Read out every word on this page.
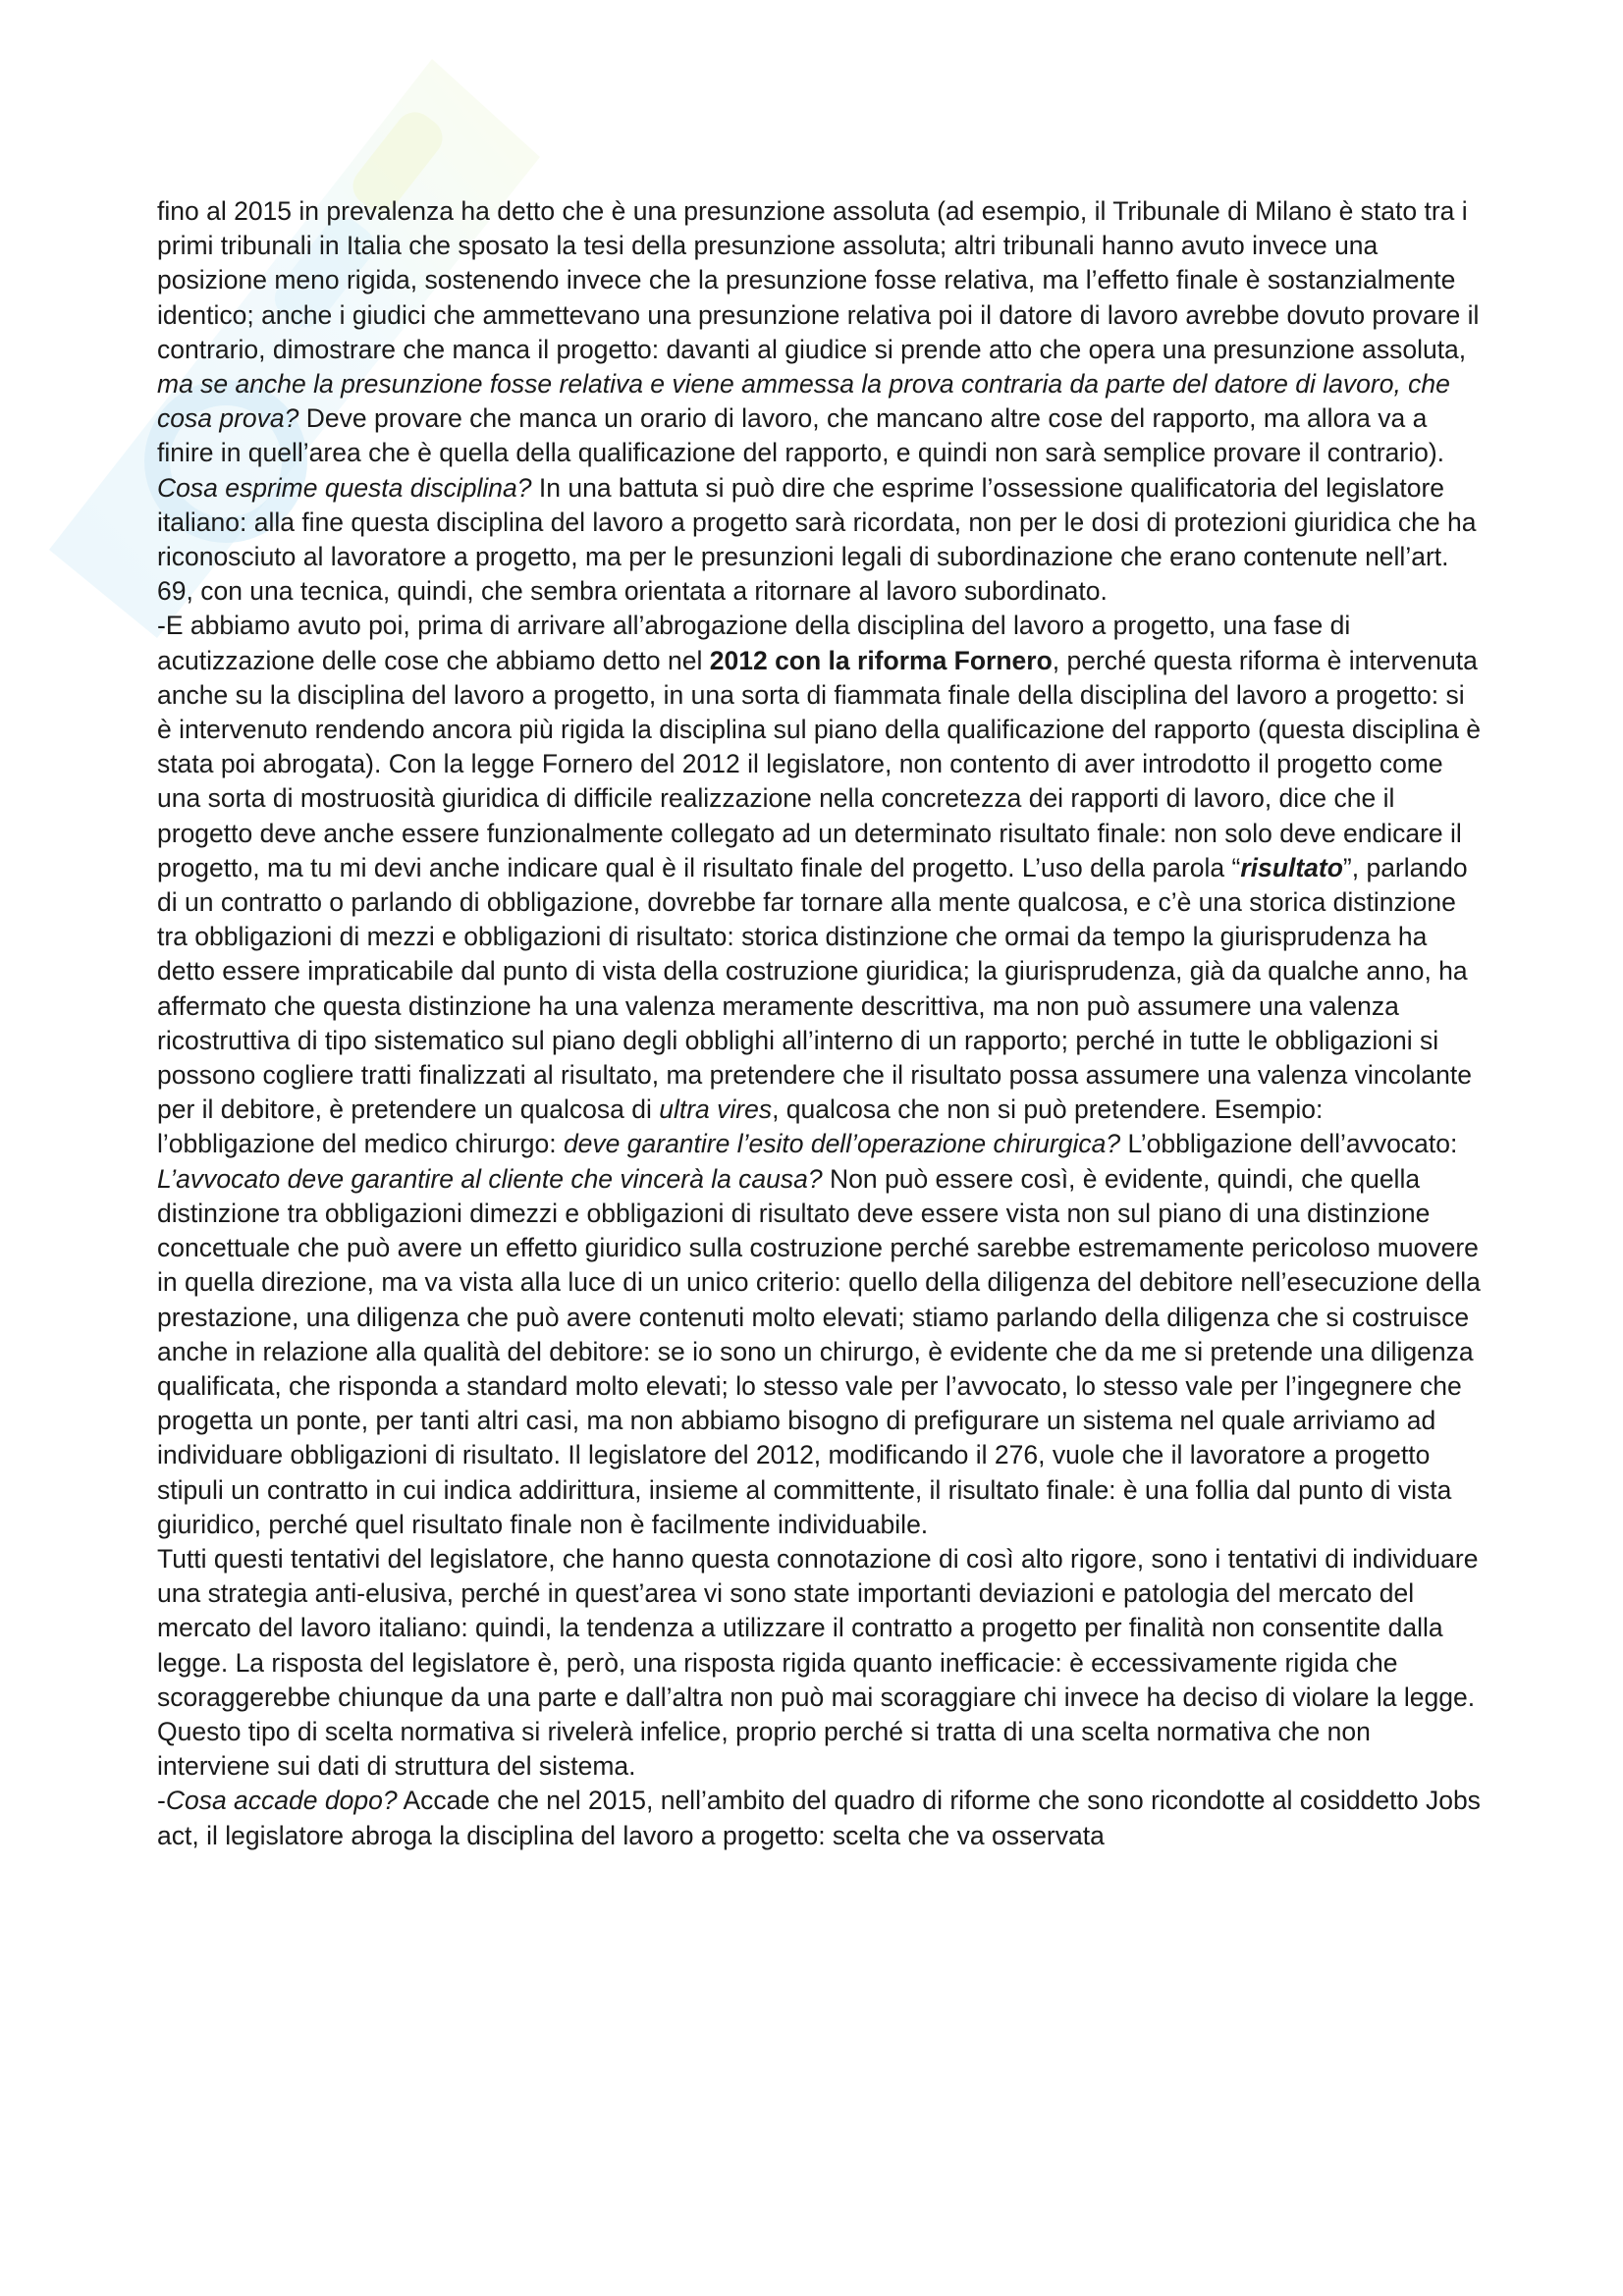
fino al 2015 in prevalenza ha detto che è una presunzione assoluta (ad esempio, il Tribunale di Milano è stato tra i primi tribunali in Italia che sposato la tesi della presunzione assoluta; altri tribunali hanno avuto invece una posizione meno rigida, sostenendo invece che la presunzione fosse relativa, ma l’effetto finale è sostanzialmente identico; anche i giudici che ammettevano una presunzione relativa poi il datore di lavoro avrebbe dovuto provare il contrario, dimostrare che manca il progetto: davanti al giudice si prende atto che opera una presunzione assoluta, ma se anche la presunzione fosse relativa e viene ammessa la prova contraria da parte del datore di lavoro, che cosa prova? Deve provare che manca un orario di lavoro, che mancano altre cose del rapporto, ma allora va a finire in quell’area che è quella della qualificazione del rapporto, e quindi non sarà semplice provare il contrario). Cosa esprime questa disciplina? In una battuta si può dire che esprime l’ossessione qualificatoria del legislatore italiano: alla fine questa disciplina del lavoro a progetto sarà ricordata, non per le dosi di protezioni giuridica che ha riconosciuto al lavoratore a progetto, ma per le presunzioni legali di subordinazione che erano contenute nell’art. 69, con una tecnica, quindi, che sembra orientata a ritornare al lavoro subordinato.

-E abbiamo avuto poi, prima di arrivare all’abrogazione della disciplina del lavoro a progetto, una fase di acutizzazione delle cose che abbiamo detto nel 2012 con la riforma Fornero, perché questa riforma è intervenuta anche su la disciplina del lavoro a progetto, in una sorta di fiammata finale della disciplina del lavoro a progetto: si è intervenuto rendendo ancora più rigida la disciplina sul piano della qualificazione del rapporto (questa disciplina è stata poi abrogata). Con la legge Fornero del 2012 il legislatore, non contento di aver introdotto il progetto come una sorta di mostruosità giuridica di difficile realizzazione nella concretezza dei rapporti di lavoro, dice che il progetto deve anche essere funzionalmente collegato ad un determinato risultato finale: non solo deve endicare il progetto, ma tu mi devi anche indicare qual è il risultato finale del progetto. L’uso della parola “risultato”, parlando di un contratto o parlando di obbligazione, dovrebbe far tornare alla mente qualcosa, e c’è una storica distinzione tra obbligazioni di mezzi e obbligazioni di risultato: storica distinzione che ormai da tempo la giurisprudenza ha detto essere impraticabile dal punto di vista della costruzione giuridica; la giurisprudenza, già da qualche anno, ha affermato che questa distinzione ha una valenza meramente descrittiva, ma non può assumere una valenza ricostruttiva di tipo sistematico sul piano degli obblighi all’interno di un rapporto; perché in tutte le obbligazioni si possono cogliere tratti finalizzati al risultato, ma pretendere che il risultato possa assumere una valenza vincolante per il debitore, è pretendere un qualcosa di ultra vires, qualcosa che non si può pretendere. Esempio: l’obbligazione del medico chirurgo: deve garantire l’esito dell’operazione chirurgica? L’obbligazione dell’avvocato: L’avvocato deve garantire al cliente che vincerà la causa? Non può essere così, è evidente, quindi, che quella distinzione tra obbligazioni dimezzi e obbligazioni di risultato deve essere vista non sul piano di una distinzione concettuale che può avere un effetto giuridico sulla costruzione perché sarebbe estremamente pericoloso muovere in quella direzione, ma va vista alla luce di un unico criterio: quello della diligenza del debitore nell’esecuzione della prestazione, una diligenza che può avere contenuti molto elevati; stiamo parlando della diligenza che si costruisce anche in relazione alla qualità del debitore: se io sono un chirurgo, è evidente che da me si pretende una diligenza qualificata, che risponda a standard molto elevati; lo stesso vale per l’avvocato, lo stesso vale per l’ingegnere che progetta un ponte, per tanti altri casi, ma non abbiamo bisogno di prefigurare un sistema nel quale arriviamo ad individuare obbligazioni di risultato. Il legislatore del 2012, modificando il 276, vuole che il lavoratore a progetto stipuli un contratto in cui indica addirittura, insieme al committente, il risultato finale: è una follia dal punto di vista giuridico, perché quel risultato finale non è facilmente individuabile.

Tutti questi tentativi del legislatore, che hanno questa connotazione di così alto rigore, sono i tentativi di individuare una strategia anti-elusiva, perché in quest’area vi sono state importanti deviazioni e patologia del mercato del mercato del lavoro italiano: quindi, la tendenza a utilizzare il contratto a progetto per finalità non consentite dalla legge. La risposta del legislatore è, però, una risposta rigida quanto inefficacie: è eccessivamente rigida che scoraggerebbe chiunque da una parte e dall’altra non può mai scoraggiare chi invece ha deciso di violare la legge. Questo tipo di scelta normativa si rivelerà infelice, proprio perché si tratta di una scelta normativa che non interviene sui dati di struttura del sistema.

-Cosa accade dopo? Accade che nel 2015, nell’ambito del quadro di riforme che sono ricondotte al cosiddetto Jobs act, il legislatore abroga la disciplina del lavoro a progetto: scelta che va osservata
